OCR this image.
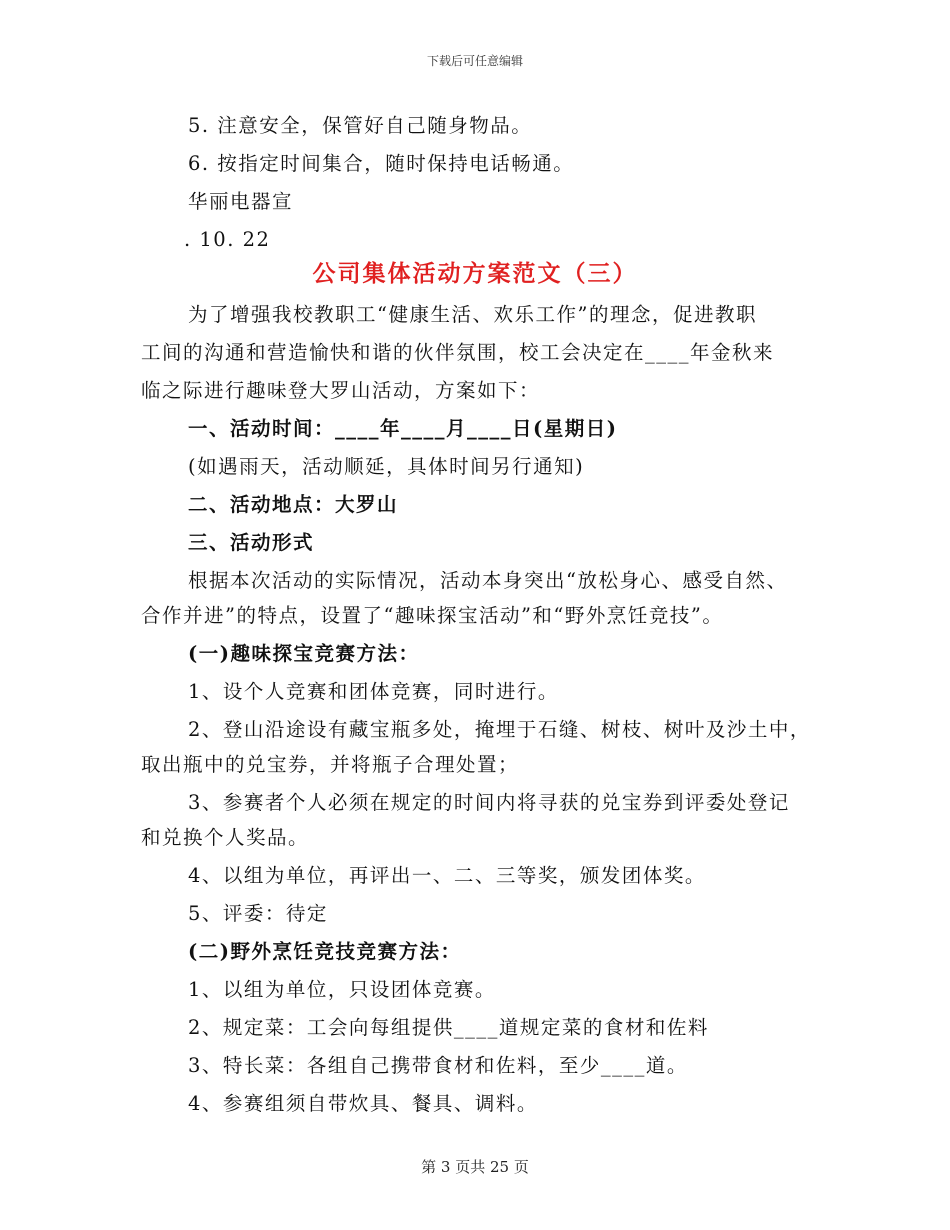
下载后可任意编辑
5. 注意安全，保管好自己随身物品。
6. 按指定时间集合，随时保持电话畅通。
华丽电器宣
. 10. 22
公司集体活动方案范文（三）
为了增强我校教职工“健康生活、欢乐工作”的理念，促进教职
工间的沟通和营造愉快和谐的伙伴氛围，校工会决定在____年金秋来
临之际进行趣味登大罗山活动，方案如下：
一、活动时间：____年____月____日(星期日)
(如遇雨天，活动顺延，具体时间另行通知)
二、活动地点：大罗山
三、活动形式
根据本次活动的实际情况，活动本身突出“放松身心、感受自然、
合作并进”的特点，设置了“趣味探宝活动”和“野外烹饪竞技”。
(一)趣味探宝竞赛方法：
1、设个人竞赛和团体竞赛，同时进行。
2、登山沿途设有藏宝瓶多处，掩埋于石缝、树枝、树叶及沙土中，
取出瓶中的兑宝券，并将瓶子合理处置；
3、参赛者个人必须在规定的时间内将寻获的兑宝券到评委处登记
和兑换个人奖品。
4、以组为单位，再评出一、二、三等奖，颁发团体奖。
5、评委：待定
(二)野外烹饪竞技竞赛方法：
1、以组为单位，只设团体竞赛。
2、规定菜：工会向每组提供____道规定菜的食材和佐料
3、特长菜：各组自己携带食材和佐料，至少____道。
4、参赛组须自带炊具、餐具、调料。
第 3 页共 25 页
